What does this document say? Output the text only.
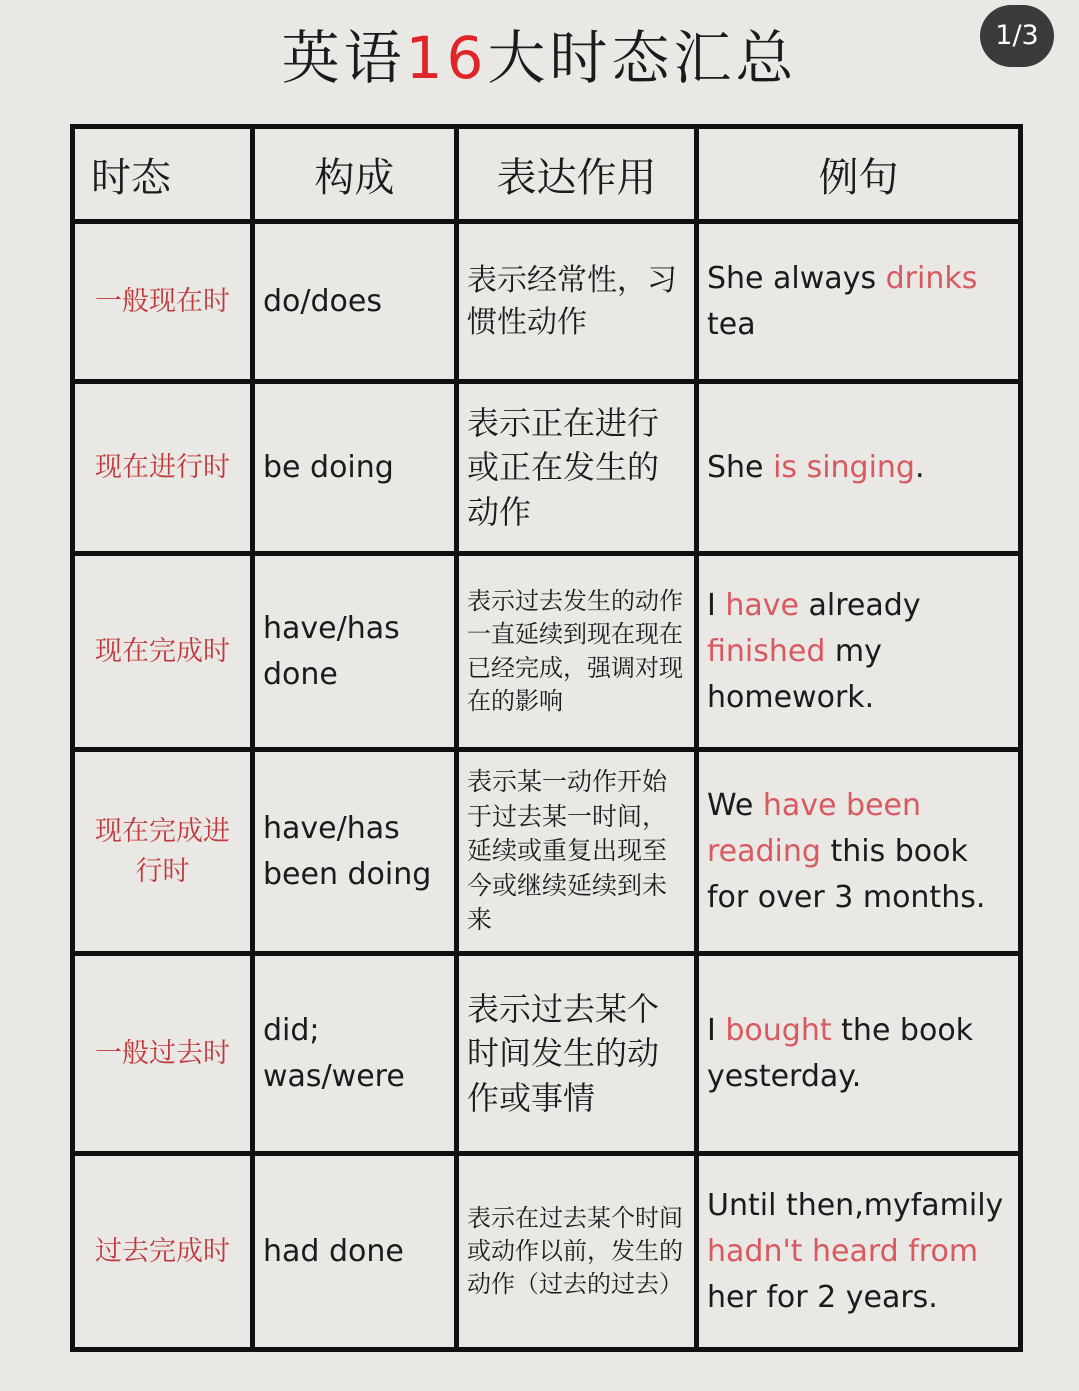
英语16大时态汇总	1/3
时态	构成	表达作用	例句
一般现在时	do/does	表示经常性，习惯性动作	She always drinks tea
现在进行时	be doing	表示正在进行或正在发生的动作	She is singing.
现在完成时	have/has done	表示过去发生的动作一直延续到现在现在已经完成，强调对现在的影响	I have already finished my homework.
现在完成进行时	have/has been doing	表示某一动作开始于过去某一时间，延续或重复出现至今或继续延续到未来	We have been reading this book for over 3 months.
一般过去时	did; was/were	表示过去某个时间发生的动作或事情	I bought the book yesterday.
过去完成时	had done	表示在过去某个时间或动作以前，发生的动作（过去的过去）	Until then,myfamily hadn't heard from her for 2 years.
